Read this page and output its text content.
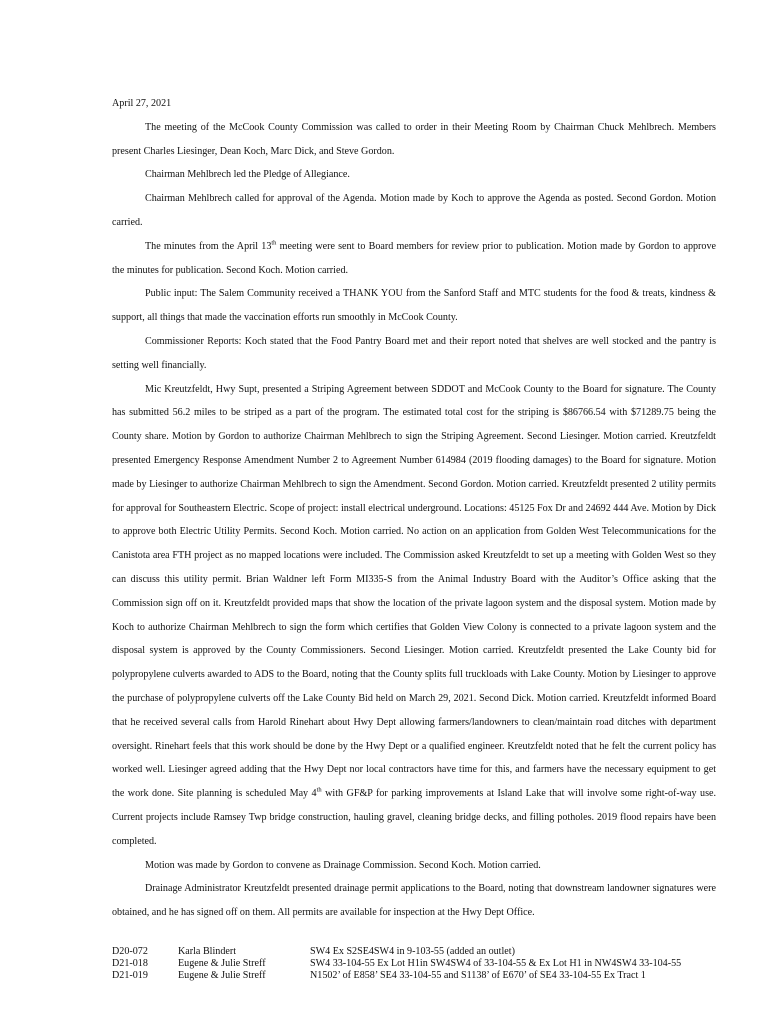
April 27, 2021

The meeting of the McCook County Commission was called to order in their Meeting Room by Chairman Chuck Mehlbrech. Members present Charles Liesinger, Dean Koch, Marc Dick, and Steve Gordon.

Chairman Mehlbrech led the Pledge of Allegiance.

Chairman Mehlbrech called for approval of the Agenda. Motion made by Koch to approve the Agenda as posted. Second Gordon. Motion carried.

The minutes from the April 13th meeting were sent to Board members for review prior to publication. Motion made by Gordon to approve the minutes for publication. Second Koch. Motion carried.

Public input: The Salem Community received a THANK YOU from the Sanford Staff and MTC students for the food & treats, kindness & support, all things that made the vaccination efforts run smoothly in McCook County.

Commissioner Reports: Koch stated that the Food Pantry Board met and their report noted that shelves are well stocked and the pantry is setting well financially.

Mic Kreutzfeldt, Hwy Supt, presented a Striping Agreement between SDDOT and McCook County to the Board for signature. The County has submitted 56.2 miles to be striped as a part of the program. The estimated total cost for the striping is $86766.54 with $71289.75 being the County share. Motion by Gordon to authorize Chairman Mehlbrech to sign the Striping Agreement. Second Liesinger. Motion carried. Kreutzfeldt presented Emergency Response Amendment Number 2 to Agreement Number 614984 (2019 flooding damages) to the Board for signature. Motion made by Liesinger to authorize Chairman Mehlbrech to sign the Amendment. Second Gordon. Motion carried. Kreutzfeldt presented 2 utility permits for approval for Southeastern Electric. Scope of project: install electrical underground. Locations: 45125 Fox Dr and 24692 444 Ave. Motion by Dick to approve both Electric Utility Permits. Second Koch. Motion carried. No action on an application from Golden West Telecommunications for the Canistota area FTH project as no mapped locations were included. The Commission asked Kreutzfeldt to set up a meeting with Golden West so they can discuss this utility permit. Brian Waldner left Form MI335-S from the Animal Industry Board with the Auditor’s Office asking that the Commission sign off on it. Kreutzfeldt provided maps that show the location of the private lagoon system and the disposal system. Motion made by Koch to authorize Chairman Mehlbrech to sign the form which certifies that Golden View Colony is connected to a private lagoon system and the disposal system is approved by the County Commissioners. Second Liesinger. Motion carried. Kreutzfeldt presented the Lake County bid for polypropylene culverts awarded to ADS to the Board, noting that the County splits full truckloads with Lake County. Motion by Liesinger to approve the purchase of polypropylene culverts off the Lake County Bid held on March 29, 2021. Second Dick. Motion carried. Kreutzfeldt informed Board that he received several calls from Harold Rinehart about Hwy Dept allowing farmers/landowners to clean/maintain road ditches with department oversight. Rinehart feels that this work should be done by the Hwy Dept or a qualified engineer. Kreutzfeldt noted that he felt the current policy has worked well. Liesinger agreed adding that the Hwy Dept nor local contractors have time for this, and farmers have the necessary equipment to get the work done. Site planning is scheduled May 4th with GF&P for parking improvements at Island Lake that will involve some right-of-way use. Current projects include Ramsey Twp bridge construction, hauling gravel, cleaning bridge decks, and filling potholes. 2019 flood repairs have been completed.

Motion was made by Gordon to convene as Drainage Commission. Second Koch. Motion carried.

Drainage Administrator Kreutzfeldt presented drainage permit applications to the Board, noting that downstream landowner signatures were obtained, and he has signed off on them. All permits are available for inspection at the Hwy Dept Office.

D20-072	Karla Blindert	SW4 Ex S2SE4SW4 in 9-103-55 (added an outlet)
D21-018	Eugene & Julie Streff	SW4 33-104-55 Ex Lot H1in SW4SW4 of 33-104-55 & Ex Lot H1 in NW4SW4 33-104-55
D21-019	Eugene & Julie Streff	N1502’ of E858’ SE4 33-104-55 and S1138’ of E670’ of SE4 33-104-55 Ex Tract 1
